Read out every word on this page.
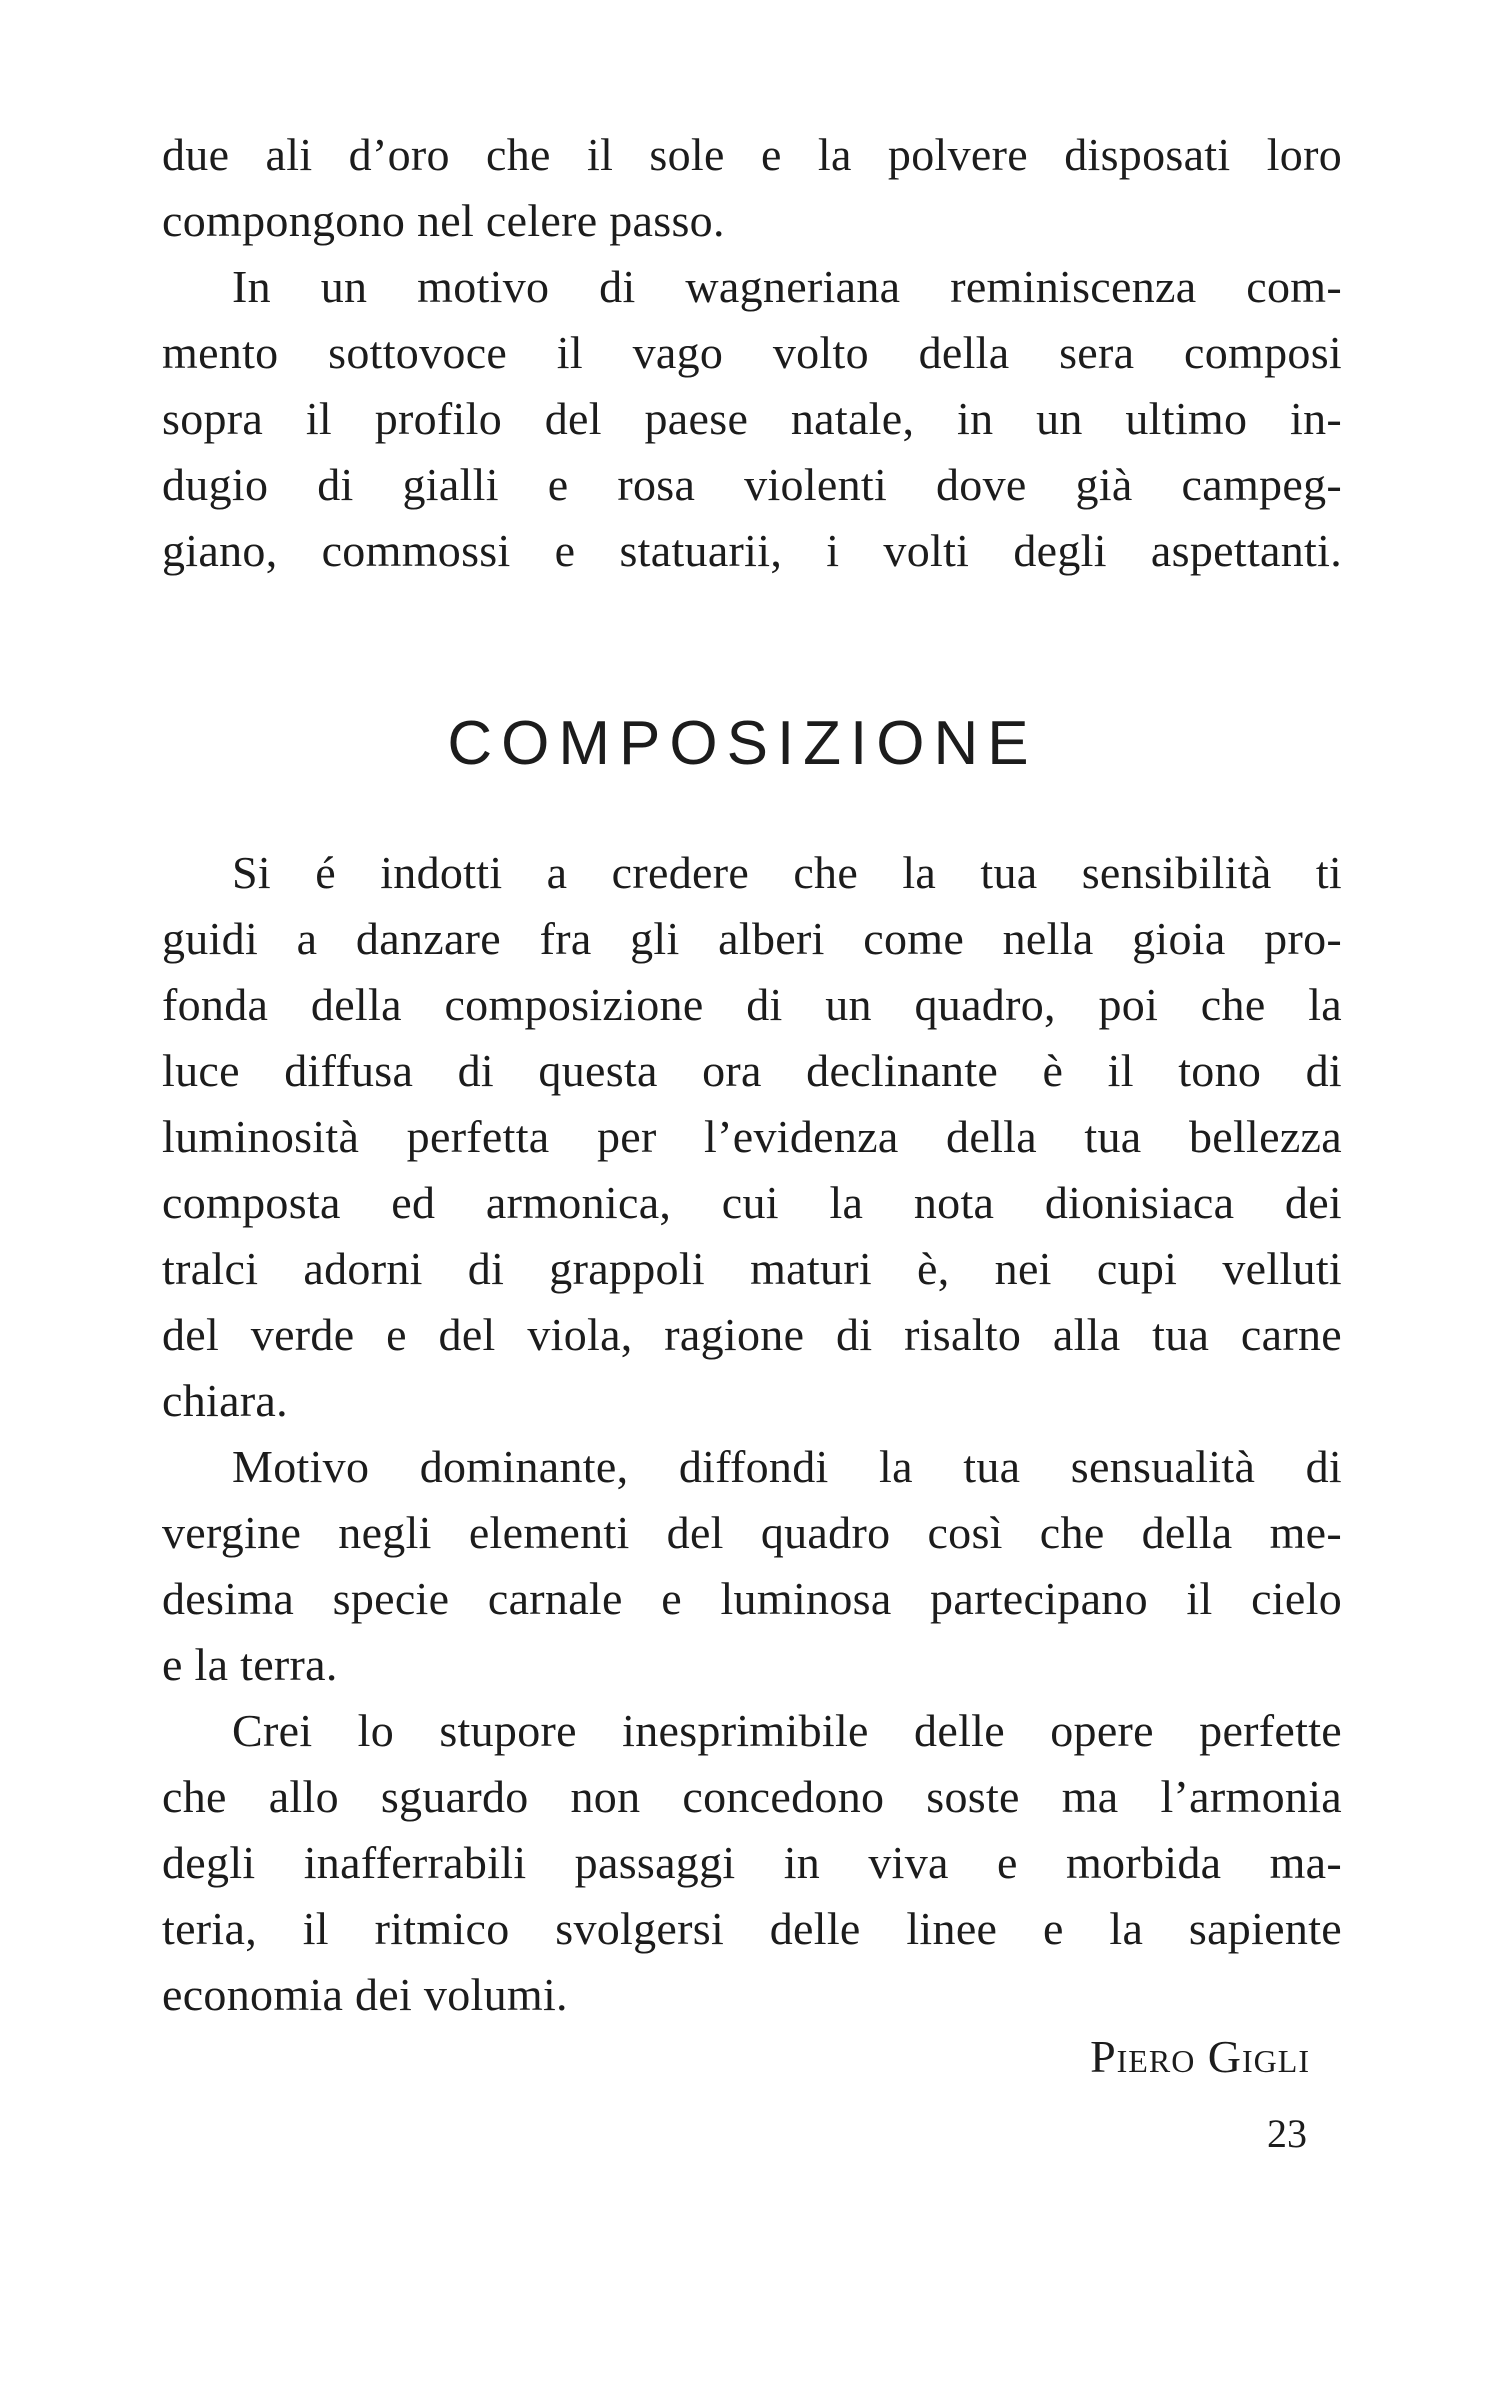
due ali d’oro che il sole e la polvere disposati loro
compongono nel celere passo.
In un motivo di wagneriana reminiscenza com-
mento sottovoce il vago volto della sera composi
sopra il profilo del paese natale, in un ultimo in-
dugio di gialli e rosa violenti dove già campeg-
giano, commossi e statuarii, i volti degli aspettanti.
COMPOSIZIONE
Si é indotti a credere che la tua sensibilità ti
guidi a danzare fra gli alberi come nella gioia pro-
fonda della composizione di un quadro, poi che la
luce diffusa di questa ora declinante è il tono di
luminosità perfetta per l’evidenza della tua bellezza
composta ed armonica, cui la nota dionisiaca dei
tralci adorni di grappoli maturi è, nei cupi velluti
del verde e del viola, ragione di risalto alla tua carne
chiara.
Motivo dominante, diffondi la tua sensualità di
vergine negli elementi del quadro così che della me-
desima specie carnale e luminosa partecipano il cielo
e la terra.
Crei lo stupore inesprimibile delle opere perfette
che allo sguardo non concedono soste ma l’armonia
degli inafferrabili passaggi in viva e morbida ma-
teria, il ritmico svolgersi delle linee e la sapiente
economia dei volumi.
Piero Gigli
23
